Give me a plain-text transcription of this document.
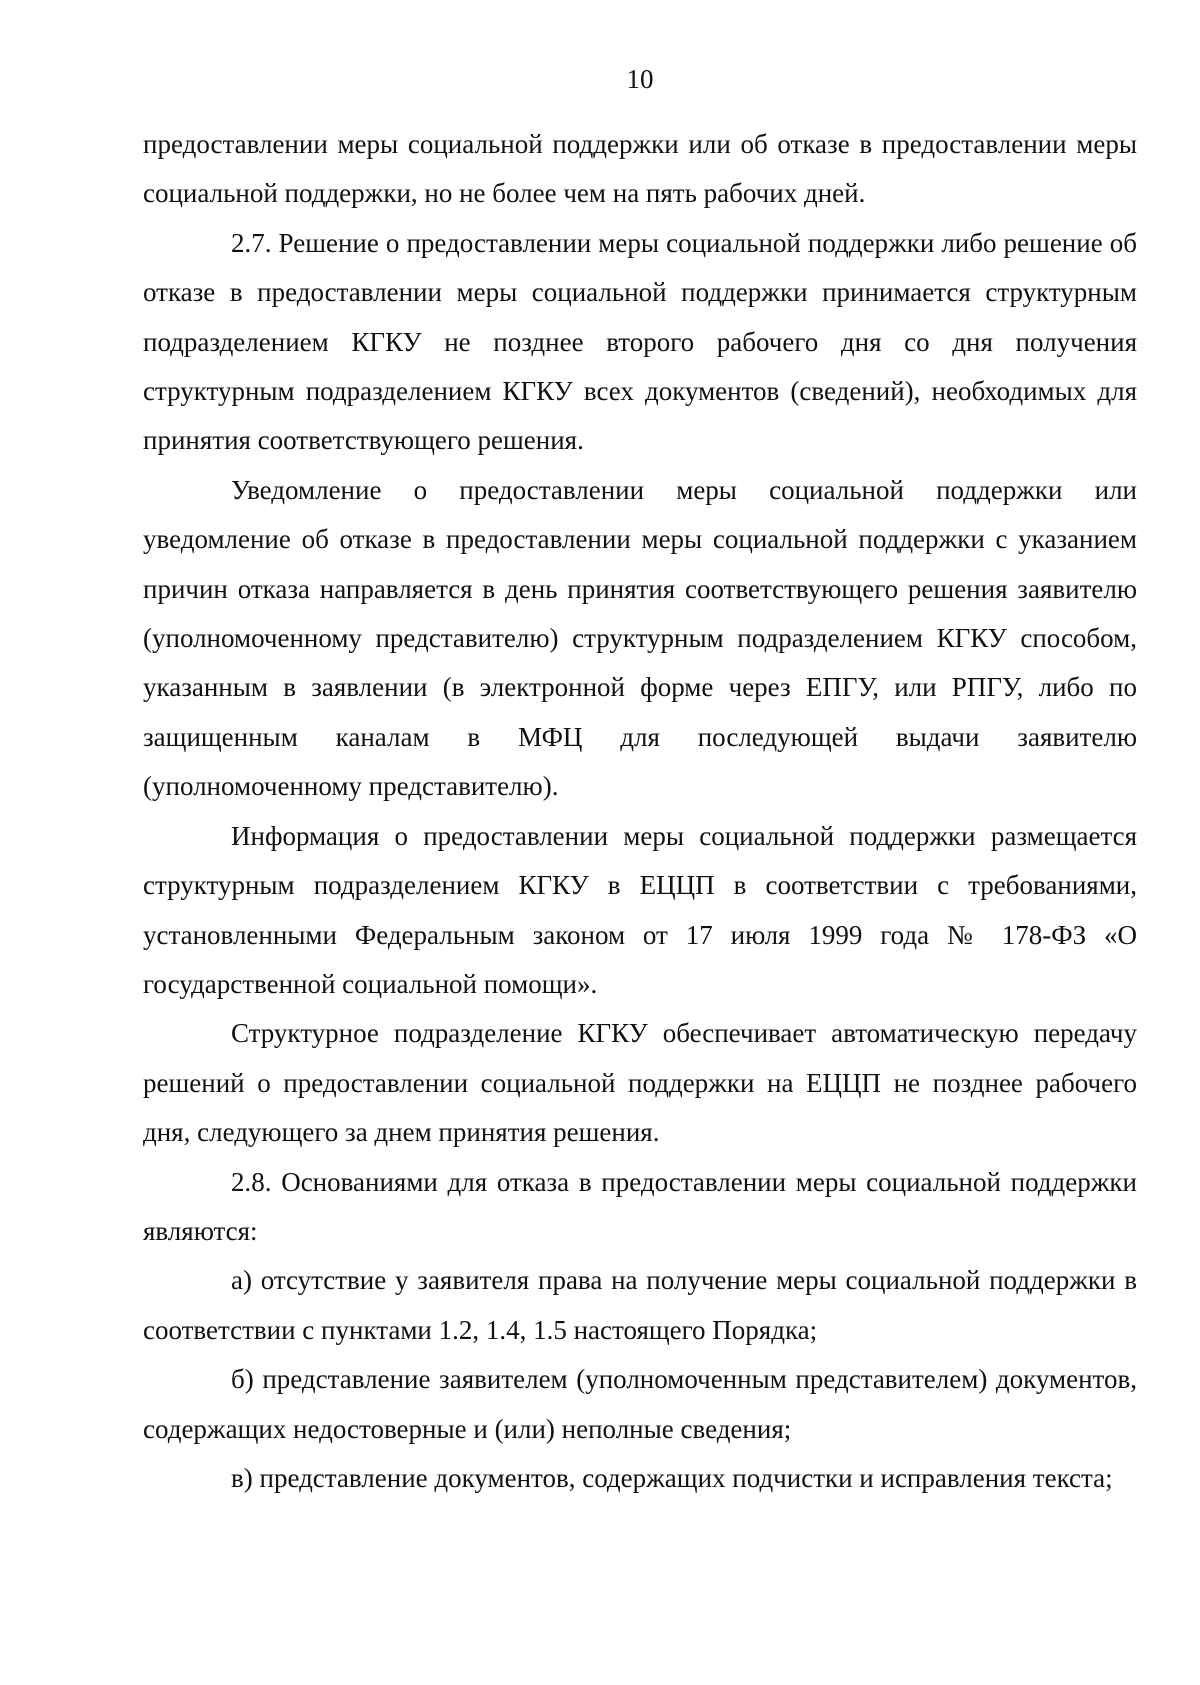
10

предоставлении меры социальной поддержки или об отказе в предоставлении меры социальной поддержки, но не более чем на пять рабочих дней.

2.7. Решение о предоставлении меры социальной поддержки либо решение об отказе в предоставлении меры социальной поддержки принимается структурным подразделением КГКУ не позднее второго рабочего дня со дня получения структурным подразделением КГКУ всех документов (сведений), необходимых для принятия соответствующего решения.

Уведомление о предоставлении меры социальной поддержки или уведомление об отказе в предоставлении меры социальной поддержки с указанием причин отказа направляется в день принятия соответствующего решения заявителю (уполномоченному представителю) структурным подразделением КГКУ способом, указанным в заявлении (в электронной форме через ЕПГУ, или РПГУ, либо по защищенным каналам в МФЦ для последующей выдачи заявителю (уполномоченному представителю).

Информация о предоставлении меры социальной поддержки размещается структурным подразделением КГКУ в ЕЦЦП в соответствии с требованиями, установленными Федеральным законом от 17 июля 1999 года № 178-ФЗ «О государственной социальной помощи».

Структурное подразделение КГКУ обеспечивает автоматическую передачу решений о предоставлении социальной поддержки на ЕЦЦП не позднее рабочего дня, следующего за днем принятия решения.

2.8. Основаниями для отказа в предоставлении меры социальной поддержки являются:

а) отсутствие у заявителя права на получение меры социальной поддержки в соответствии с пунктами 1.2, 1.4, 1.5 настоящего Порядка;

б) представление заявителем (уполномоченным представителем) документов, содержащих недостоверные и (или) неполные сведения;

в) представление документов, содержащих подчистки и исправления текста;
